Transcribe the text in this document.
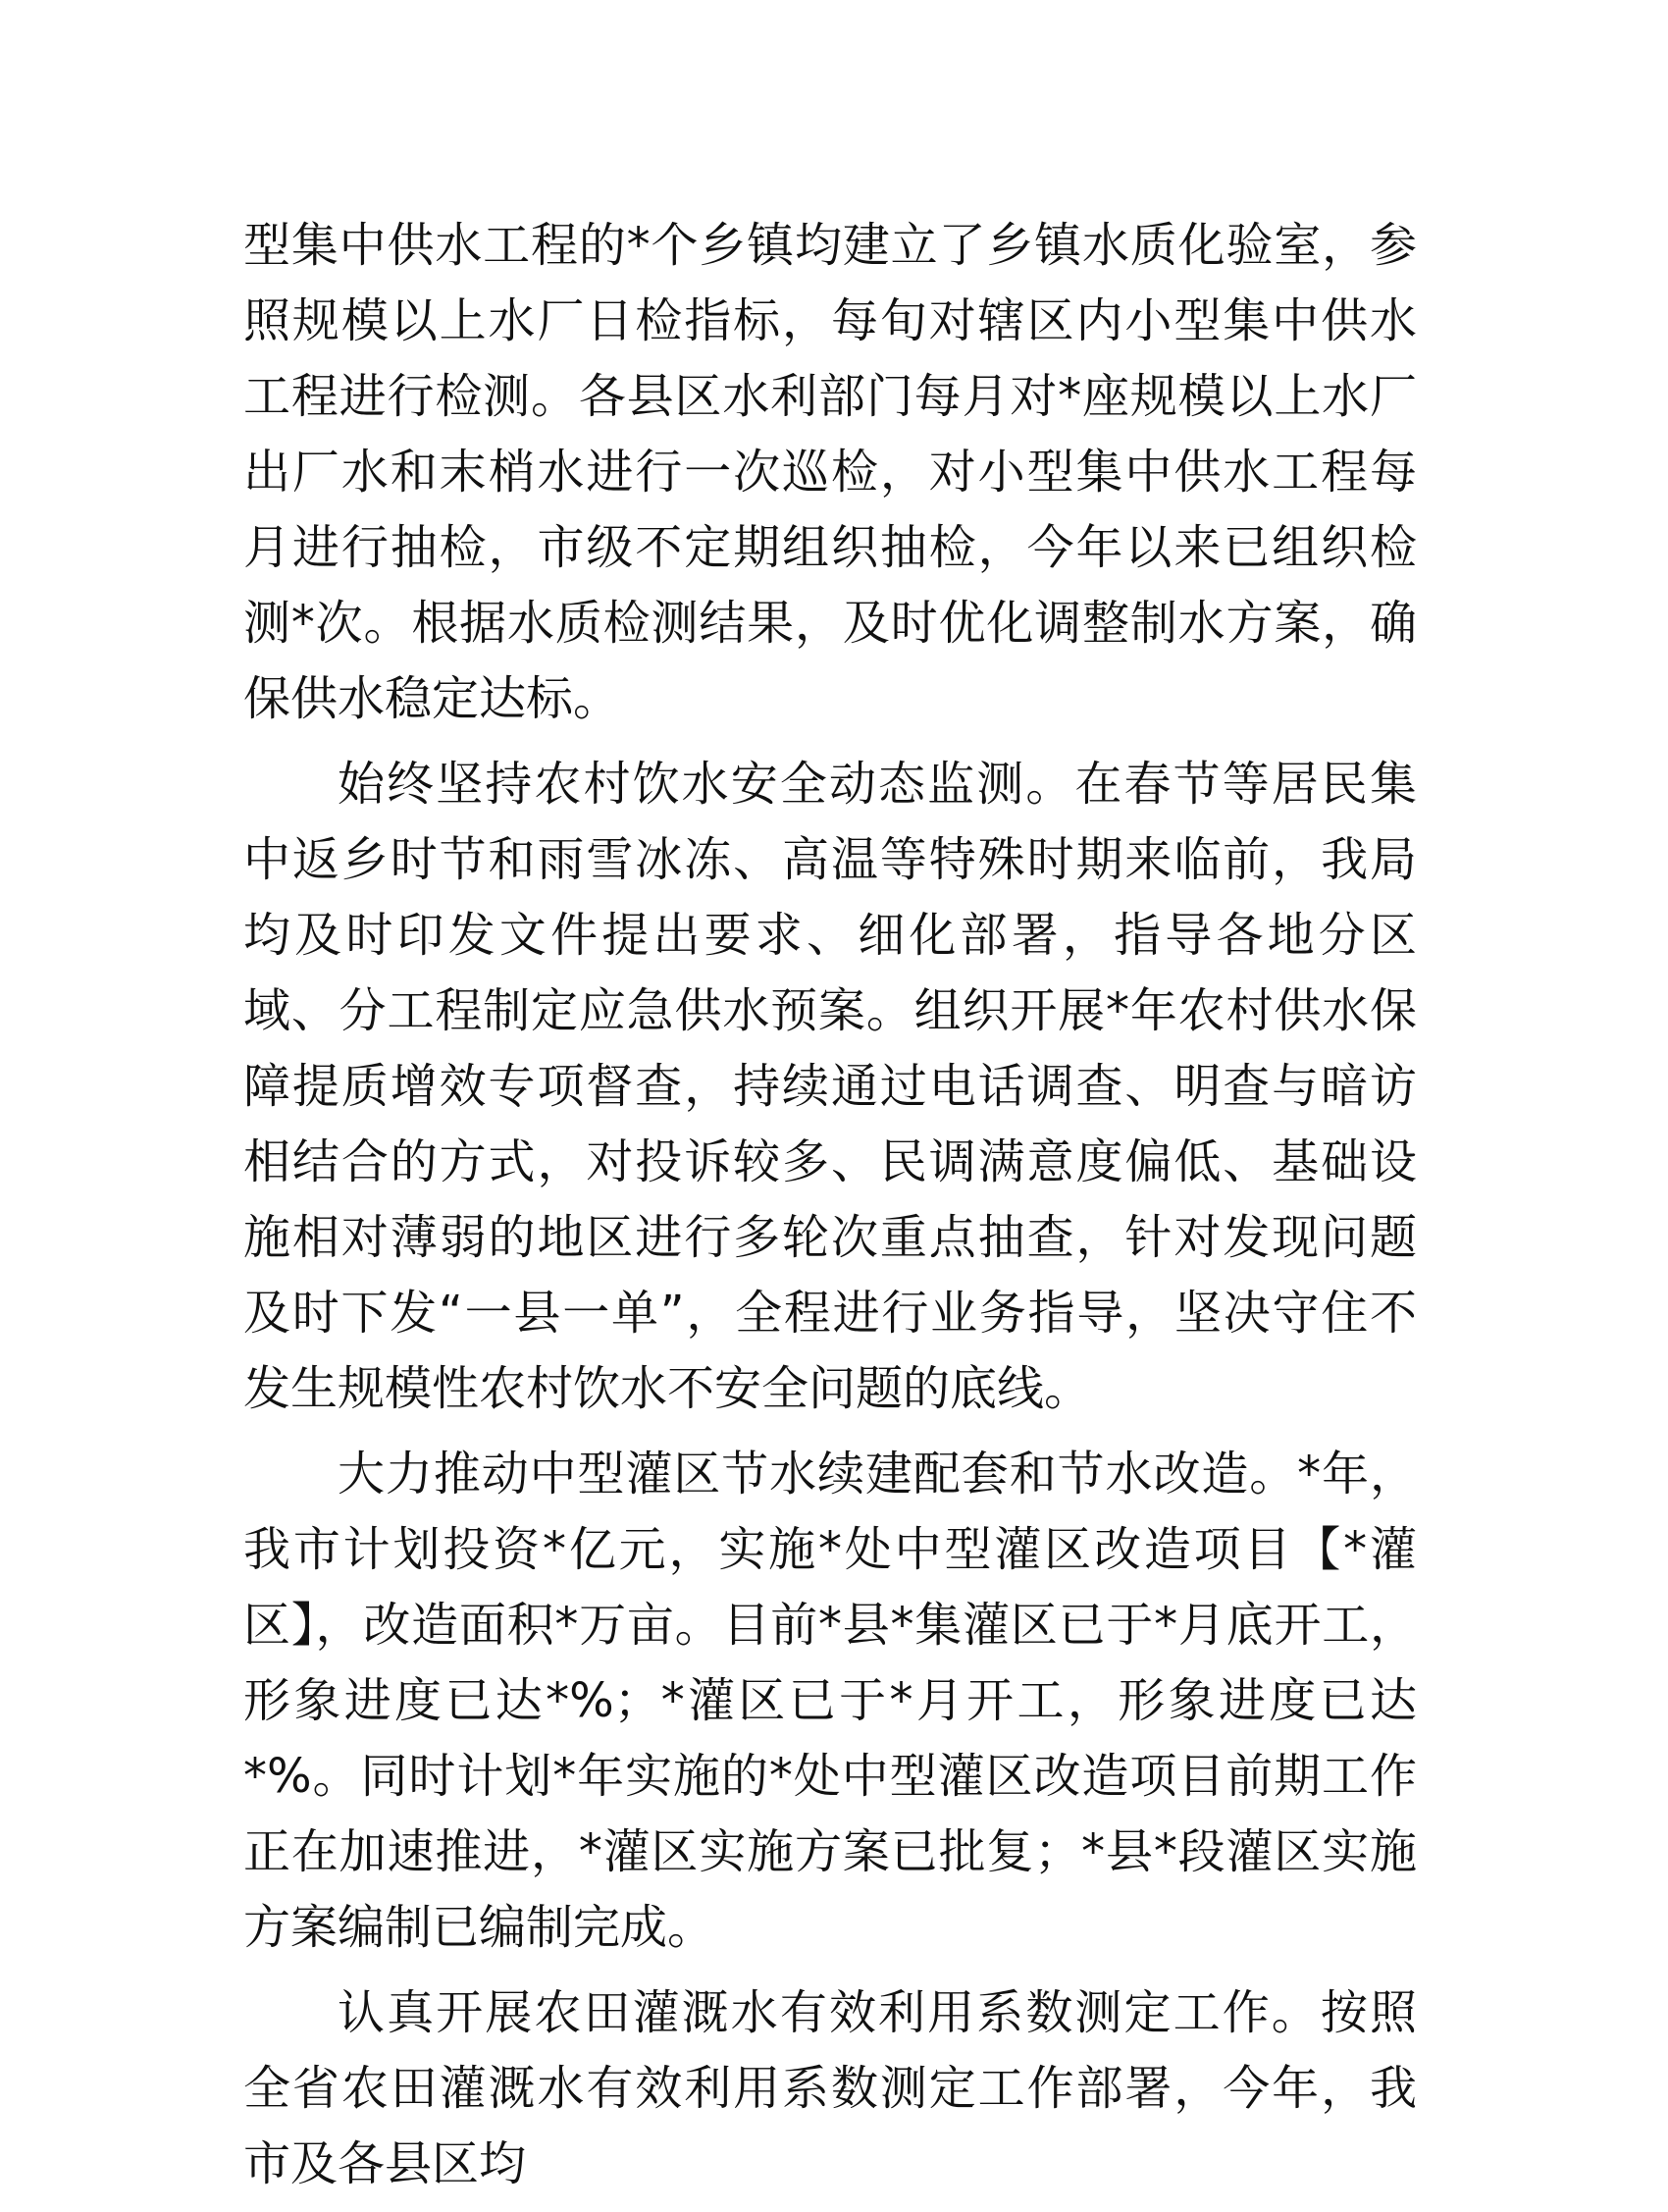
型集中供水工程的*个乡镇均建立了乡镇水质化验室，参照规模以上水厂日检指标，每旬对辖区内小型集中供水工程进行检测。各县区水利部门每月对*座规模以上水厂出厂水和末梢水进行一次巡检，对小型集中供水工程每月进行抽检，市级不定期组织抽检，今年以来已组织检测*次。根据水质检测结果，及时优化调整制水方案，确保供水稳定达标。

始终坚持农村饮水安全动态监测。在春节等居民集中返乡时节和雨雪冰冻、高温等特殊时期来临前，我局均及时印发文件提出要求、细化部署，指导各地分区域、分工程制定应急供水预案。组织开展*年农村供水保障提质增效专项督查，持续通过电话调查、明查与暗访相结合的方式，对投诉较多、民调满意度偏低、基础设施相对薄弱的地区进行多轮次重点抽查，针对发现问题及时下发“一县一单”，全程进行业务指导，坚决守住不发生规模性农村饮水不安全问题的底线。

大力推动中型灌区节水续建配套和节水改造。*年，我市计划投资*亿元，实施*处中型灌区改造项目【*灌区】，改造面积*万亩。目前*县*集灌区已于*月底开工，形象进度已达*%；*灌区已于*月开工，形象进度已达*%。同时计划*年实施的*处中型灌区改造项目前期工作正在加速推进，*灌区实施方案已批复；*县*段灌区实施方案编制已编制完成。

认真开展农田灌溉水有效利用系数测定工作。按照全省农田灌溉水有效利用系数测定工作部署，今年，我市及各县区均
